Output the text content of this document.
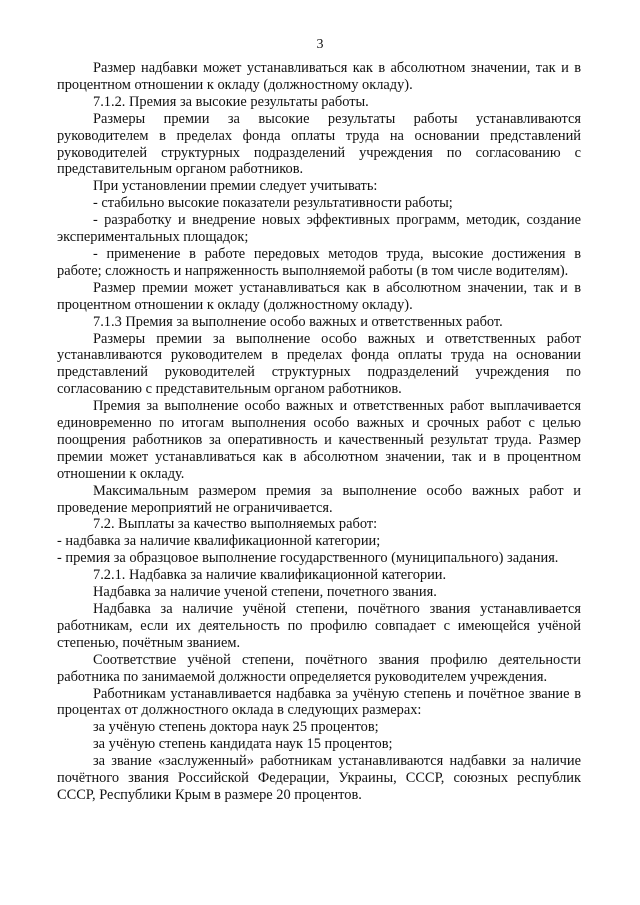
3

Размер надбавки может устанавливаться как в абсолютном значении, так и в процентном отношении к окладу (должностному окладу).

7.1.2. Премия за высокие результаты работы.

Размеры премии за высокие результаты работы устанавливаются руководителем в пределах фонда оплаты труда на основании представлений руководителей структурных подразделений учреждения по согласованию с представительным органом работников.

При установлении премии следует учитывать:

- стабильно высокие показатели результативности работы;

- разработку и внедрение новых эффективных программ, методик, создание экспериментальных площадок;

- применение в работе передовых методов труда, высокие достижения в работе; сложность и напряженность выполняемой работы (в том числе водителям).

Размер премии может устанавливаться как в абсолютном значении, так и в процентном отношении к окладу (должностному окладу).

7.1.3 Премия за выполнение особо важных и ответственных работ.

Размеры премии за выполнение особо важных и ответственных работ устанавливаются руководителем в пределах фонда оплаты труда на основании представлений руководителей структурных подразделений учреждения по согласованию с представительным органом работников.

Премия за выполнение особо важных и ответственных работ выплачивается единовременно по итогам выполнения особо важных и срочных работ с целью поощрения работников за оперативность и качественный результат труда. Размер премии может устанавливаться как в абсолютном значении, так и в процентном отношении к окладу.

Максимальным размером премия за выполнение особо важных работ и проведение мероприятий не ограничивается.

7.2. Выплаты за качество выполняемых работ:

- надбавка за наличие квалификационной категории;

- премия за образцовое выполнение государственного (муниципального) задания.

7.2.1. Надбавка за наличие квалификационной категории.

Надбавка за наличие ученой степени, почетного звания.

Надбавка за наличие учёной степени, почётного звания устанавливается работникам, если их деятельность по профилю совпадает с имеющейся учёной степенью, почётным званием.

Соответствие учёной степени, почётного звания профилю деятельности работника по занимаемой должности определяется руководителем учреждения.

Работникам устанавливается надбавка за учёную степень и почётное звание в процентах от должностного оклада в следующих размерах:

за учёную степень доктора наук 25 процентов;

за учёную степень кандидата наук 15 процентов;

за звание «заслуженный» работникам устанавливаются надбавки за наличие почётного звания Российской Федерации, Украины, СССР, союзных республик СССР, Республики Крым в размере 20 процентов.
